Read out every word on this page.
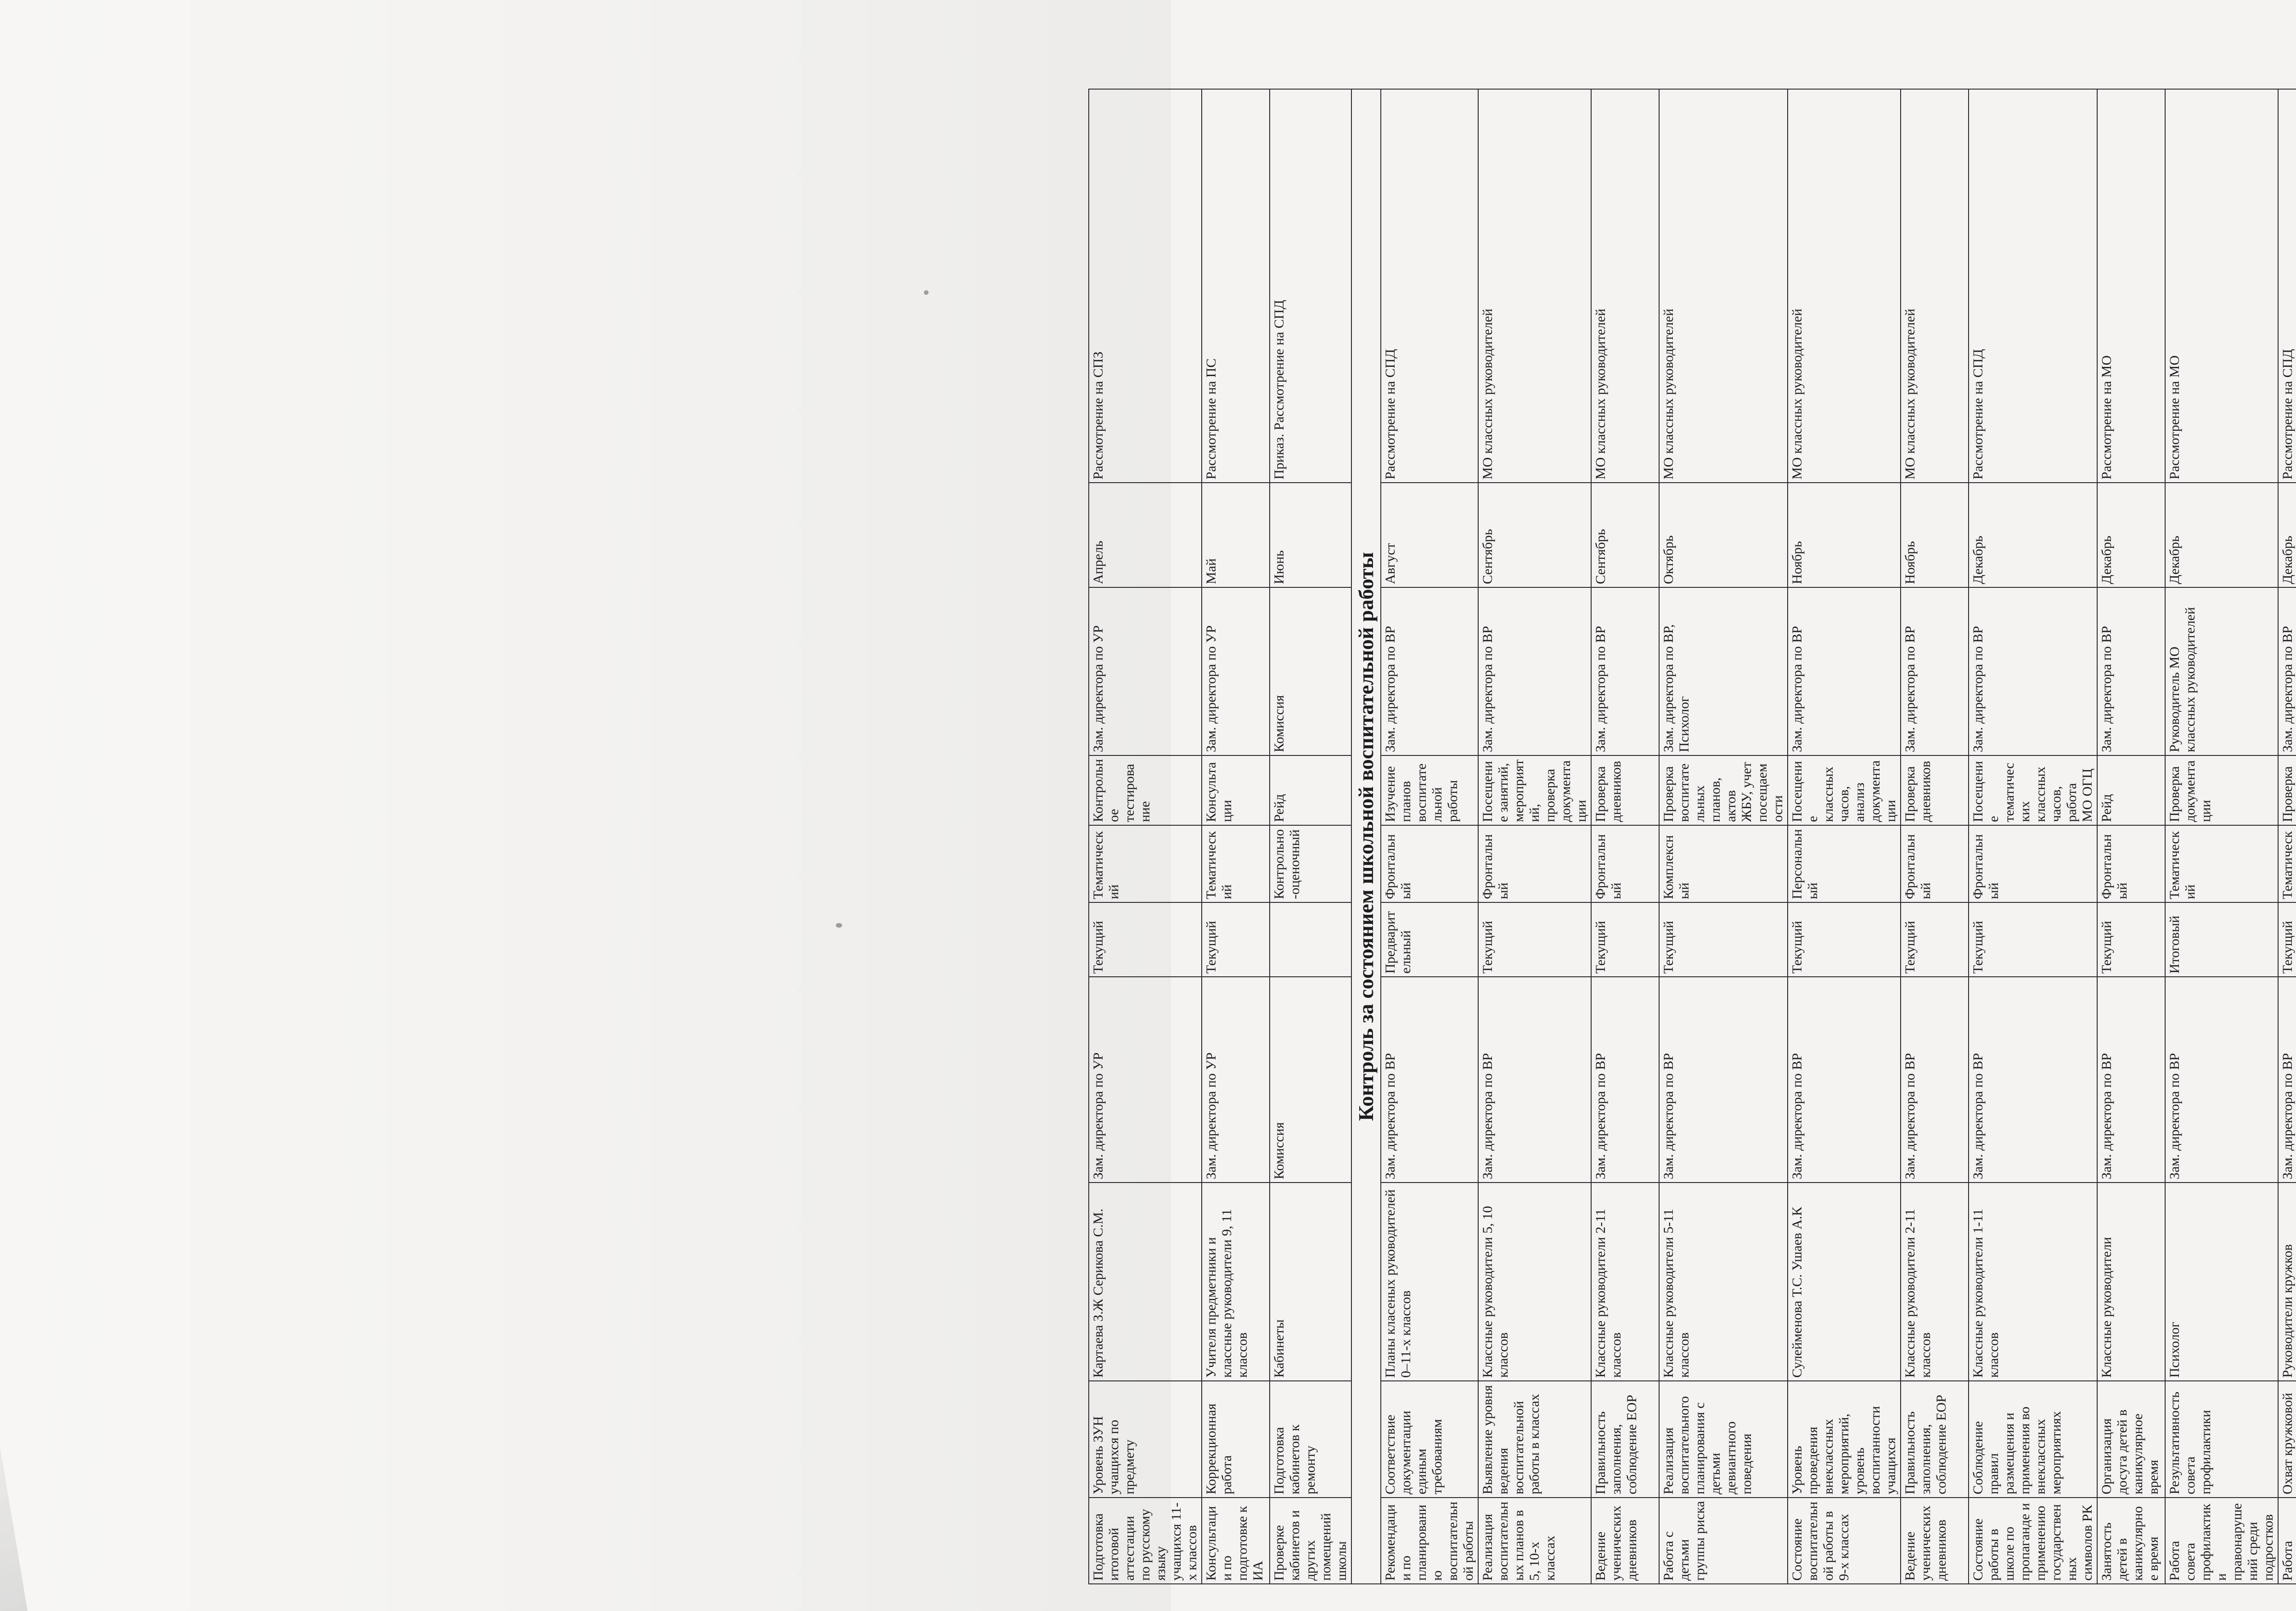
Подготовка итоговой аттестации по русскому языку учащихся 11-х классов	Уровень ЗУН учащихся по предмету	Картаева З.Ж Серикова С.М.	Зам. директора по УР	Текущий	Тематический	Контрольное тестирование	Зам. директора по УР	Апрель	Рассмотрение на СПЗ
Консультации по подготовке к ИА	Коррекционная работа	Учителя предметники и классные руководители 9, 11 классов	Зам. директора по УР	Текущий	Тематический	Консультации	Зам. директора по УР	Май	Рассмотрение на ПС
Проверке кабинетов и других помещений школы	Подготовка кабинетов к ремонту	Кабинеты	Комиссия		Контрольно-оценочный	Рейд	Комиссия	Июнь	Приказ. Рассмотрение на СПД
Контроль за состоянием школьной воспитательной работы									
Рекомендации по планированию воспитательной работы	Соответствие документации единым требованиям	Планы класеных руководителей 0–11-х классов	Зам. директора по ВР	Предварительный	Фронтальный	Изучение планов воспитательной работы	Зам. директора по ВР	Август	Рассмотрение на СПД
Реализация воспитательных планов в 5, 10-х классах	Выявление уровня ведения воспитательной работы в классах	Классные руководители 5, 10 классов	Зам. директора по ВР	Текущий	Фронтальный	Посещение занятий, мероприятий, проверка документации	Зам. директора по ВР	Сентябрь	МО классных руководителей
Ведение ученических дневников	Правильность заполнения, соблюдение ЕОР	Классные руководители 2-11 классов	Зам. директора по ВР	Текущий	Фронтальный	Проверка дневников	Зам. директора по ВР	Сентябрь	МО классных руководителей
Работа с детьми группы риска	Реализация воспитательного планирования с детьми девиантного поведения	Классные руководители 5-11 классов	Зам. директора по ВР	Текущий	Комплексный	Проверка воспитательных планов, актов ЖБУ, учет посещаемости	Зам. директора по ВР, Психолог	Октябрь	МО классных руководителей
Состояние воспитательной работы в 9-х классах	Уровень проведения внеклассных мероприятий, уровень воспитанности учащихся	Сулейменова Т.С. Ушаев А.К	Зам. директора по ВР	Текущий	Персональный	Посещение классных часов, анализ документации	Зам. директора по ВР	Ноябрь	МО классных руководителей
Ведение ученических дневников	Правильность заполнения, соблюдение ЕОР	Классные руководители 2-11 классов	Зам. директора по ВР	Текущий	Фронтальный	Проверка дневников	Зам. директора по ВР	Ноябрь	МО классных руководителей
Состояние работы в школе по пропаганде и применению государственных символов РК	Соблюдение правил размещения и применения во внеклассных мероприятиях	Классные руководители 1-11 классов	Зам. директора по ВР	Текущий	Фронтальный	Посещение тематических классных часов, работа МО ОГЦ	Зам. директора по ВР	Декабрь	Рассмотрение на СПД
Занятость детей в каникулярное время	Организация досуга детей в каникулярное время	Классные руководители	Зам. директора по ВР	Текущий	Фронтальный	Рейд	Зам. директора по ВР	Декабрь	Рассмотрение на МО
Работа совета профилактики правонарушений среди подростков	Результативность совета профилактики	Психолог	Зам. директора по ВР	Итоговый	Тематический	Проверка документации	Руководитель МО классных руководителей	Декабрь	Рассмотрение на МО
Работа	Охват кружковой	Руководители кружков	Зам. директора по ВР	Текущий	Тематическ	Проверка	Зам. директора по ВР	Декабрь	Рассмотрение на СПД
